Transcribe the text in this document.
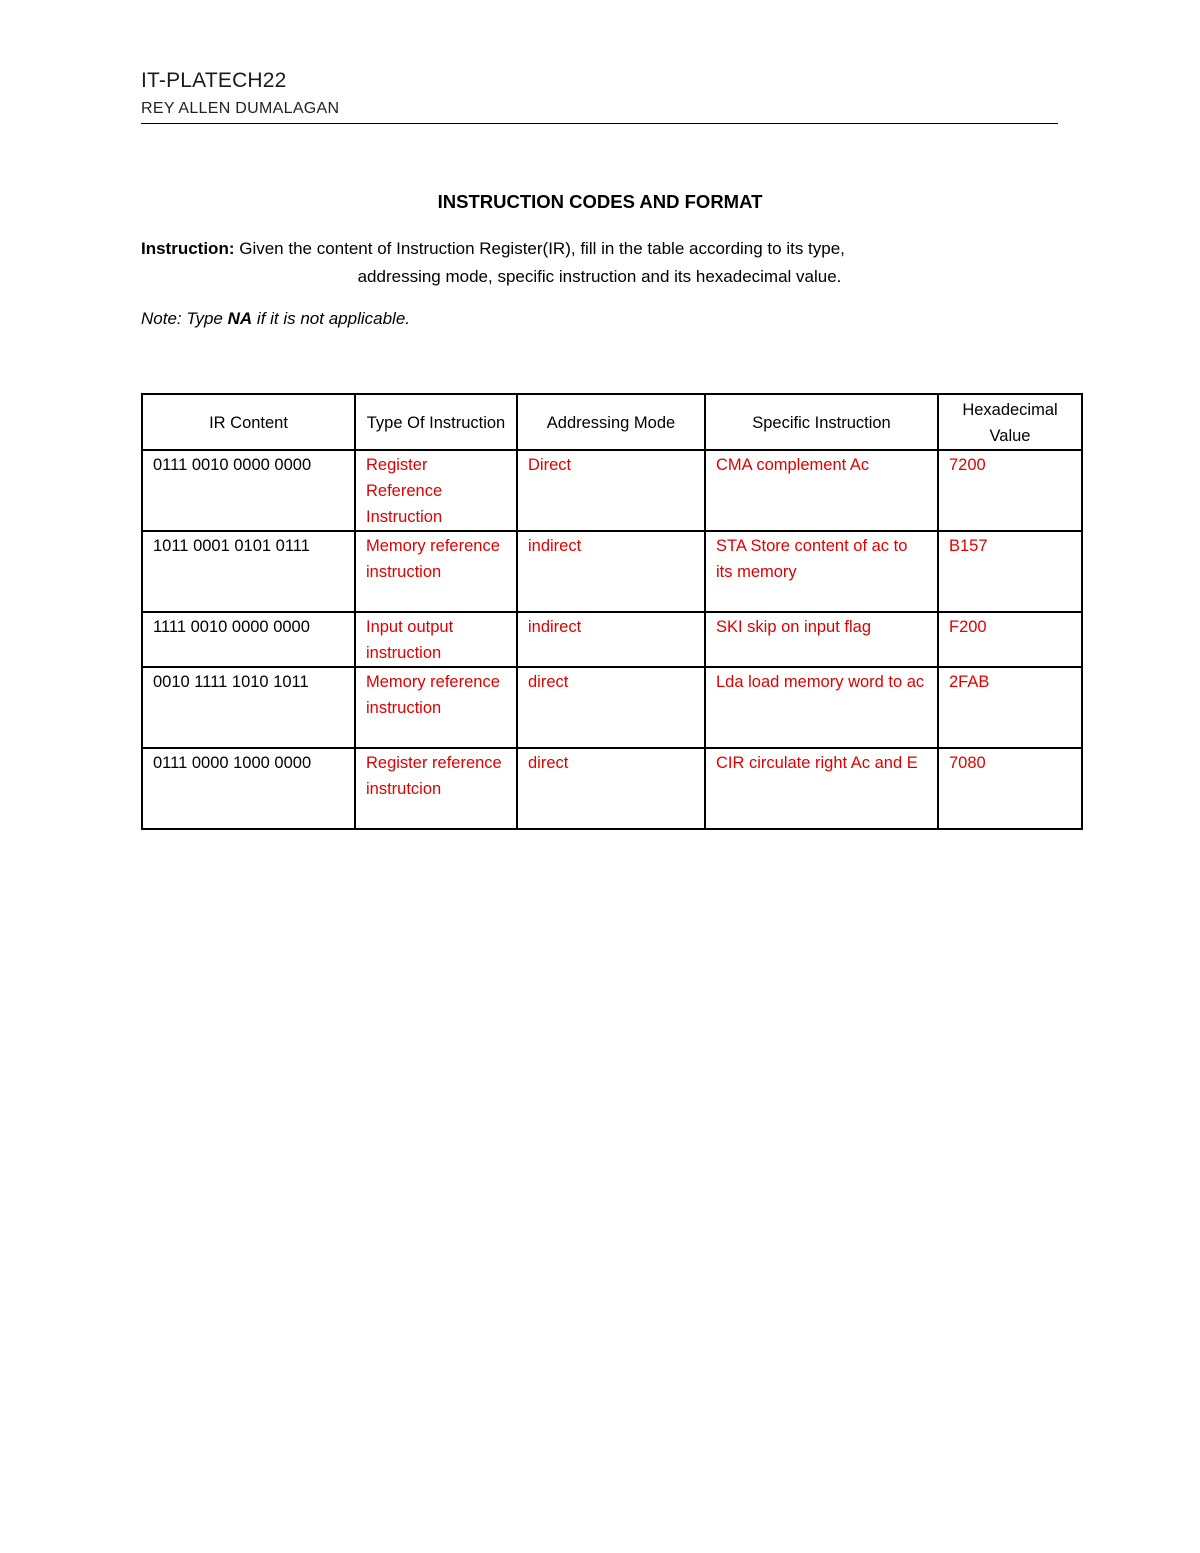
IT-PLATECH22
REY ALLEN DUMALAGAN
INSTRUCTION CODES AND FORMAT
Instruction: Given the content of Instruction Register(IR), fill in the table according to its type,
addressing mode, specific instruction and its hexadecimal value.
Note: Type NA if it is not applicable.
IR Content	Type Of Instruction	Addressing Mode	Specific Instruction	Hexadecimal Value
0111 0010 0000 0000	Register Reference Instruction	Direct	CMA complement Ac	7200
1011 0001 0101 0111	Memory reference instruction	indirect	STA Store content of ac to its memory	B157
1111 0010 0000 0000	Input output instruction	indirect	SKI skip on input flag	F200
0010 1111 1010 1011	Memory reference instruction	direct	Lda load memory word to ac	2FAB
0111 0000 1000 0000	Register reference instrutcion	direct	CIR circulate right Ac and E	7080
